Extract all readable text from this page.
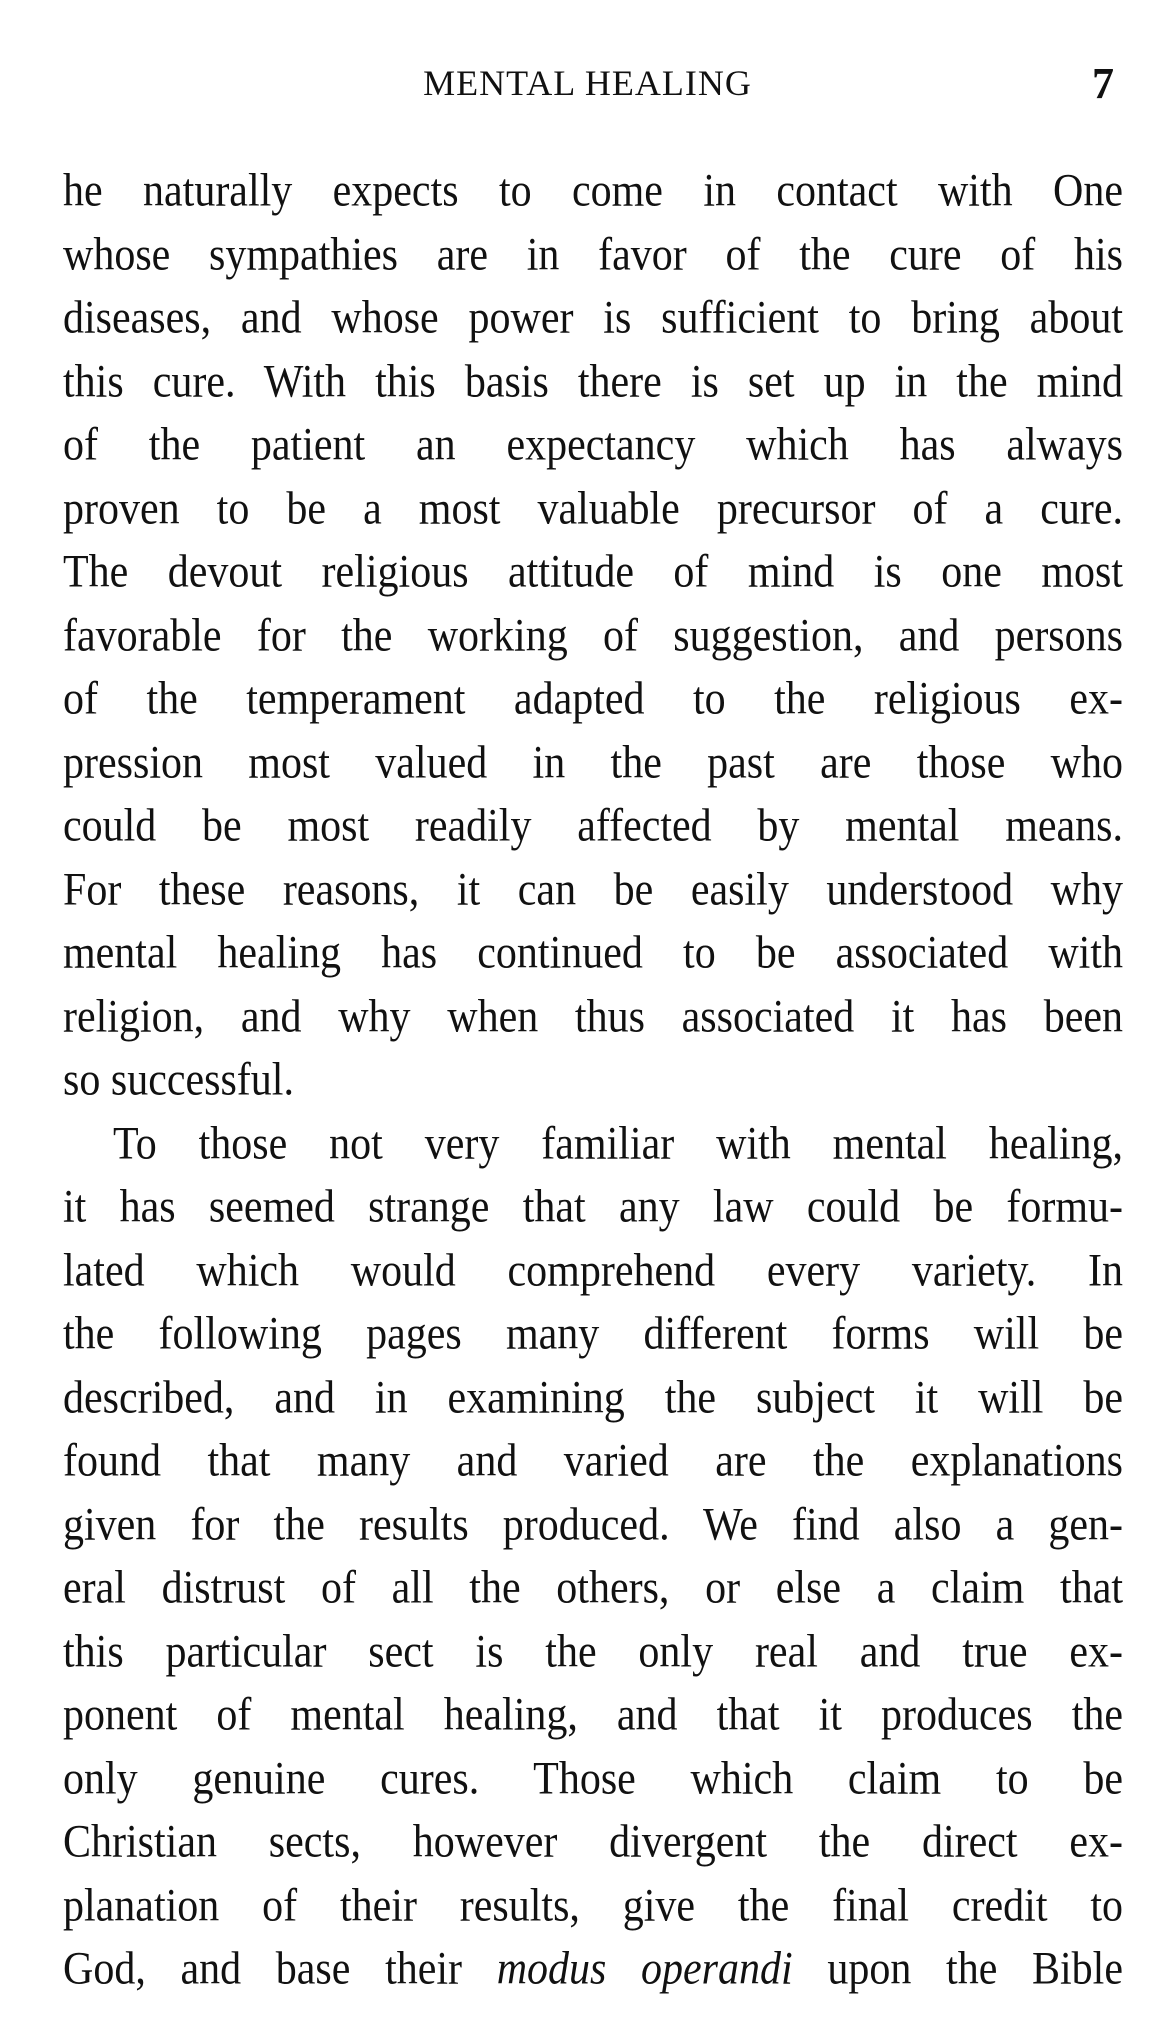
MENTAL HEALING	7
he naturally expects to come in contact with One
whose sympathies are in favor of the cure of his
diseases, and whose power is sufficient to bring about
this cure. With this basis there is set up in the mind
of the patient an expectancy which has always
proven to be a most valuable precursor of a cure.
The devout religious attitude of mind is one most
favorable for the working of suggestion, and persons
of the temperament adapted to the religious ex-
pression most valued in the past are those who
could be most readily affected by mental means.
For these reasons, it can be easily understood why
mental healing has continued to be associated with
religion, and why when thus associated it has been
so successful.
To those not very familiar with mental healing,
it has seemed strange that any law could be formu-
lated which would comprehend every variety. In
the following pages many different forms will be
described, and in examining the subject it will be
found that many and varied are the explanations
given for the results produced. We find also a gen-
eral distrust of all the others, or else a claim that
this particular sect is the only real and true ex-
ponent of mental healing, and that it produces the
only genuine cures. Those which claim to be
Christian sects, however divergent the direct ex-
planation of their results, give the final credit to
God, and base their modus operandi upon the Bible
